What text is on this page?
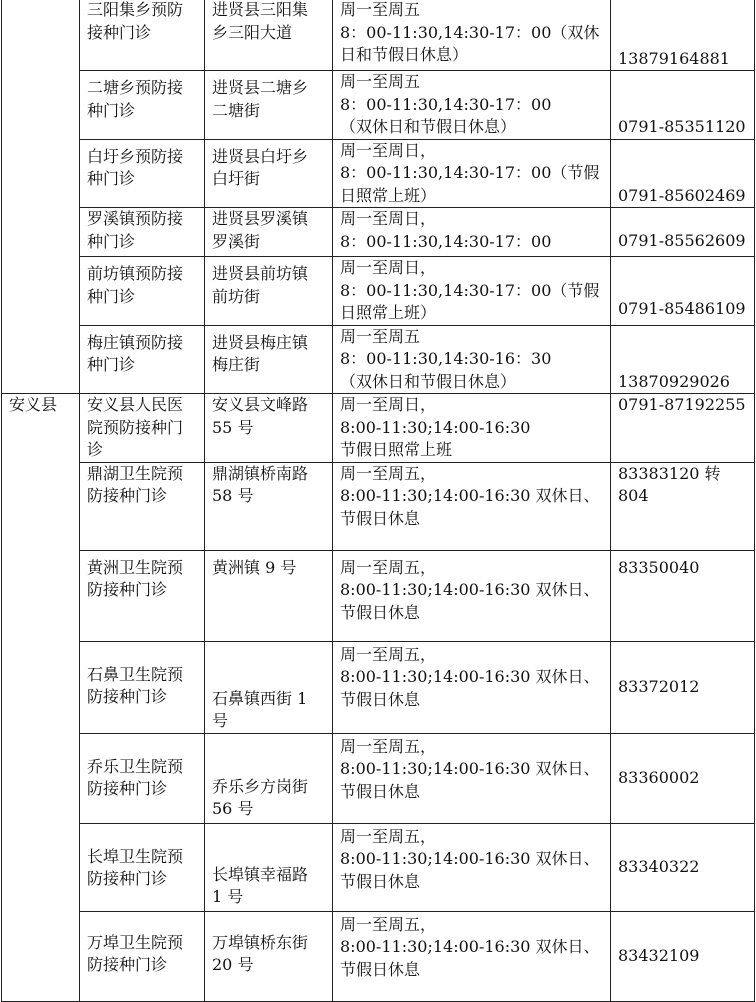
	三阳集乡预防
接种门诊	进贤县三阳集
乡三阳大道	周一至周五
8：00-11:30,14:30-17：00（双休
日和节假日休息）	13879164881
	二塘乡预防接
种门诊	进贤县二塘乡
二塘街	周一至周五
8：00-11:30,14:30-17：00
（双休日和节假日休息）	0791-85351120
	白圩乡预防接
种门诊	进贤县白圩乡
白圩街	周一至周日，
8：00-11:30,14:30-17：00（节假
日照常上班）	0791-85602469
	罗溪镇预防接
种门诊	进贤县罗溪镇
罗溪街	周一至周日，
8：00-11:30,14:30-17：00	0791-85562609
	前坊镇预防接
种门诊	进贤县前坊镇
前坊街	周一至周日，
8：00-11:30,14:30-17：00（节假
日照常上班）	0791-85486109
	梅庄镇预防接
种门诊	进贤县梅庄镇
梅庄街	周一至周五
8：00-11:30,14:30-16：30
（双休日和节假日休息）	13870929026
安义县	安义县人民医
院预防接种门
诊	安义县文峰路
55 号	周一至周日，
8:00-11:30;14:00-16:30
节假日照常上班	0791-87192255
	鼎湖卫生院预
防接种门诊	鼎湖镇桥南路
58 号	周一至周五，
8:00-11:30;14:00-16:30 双休日、
节假日休息	83383120 转 804
	黄洲卫生院预
防接种门诊	黄洲镇 9 号	周一至周五，
8:00-11:30;14:00-16:30 双休日、
节假日休息	83350040
	石鼻卫生院预
防接种门诊	石鼻镇西街 1
号	周一至周五，
8:00-11:30;14:00-16:30 双休日、
节假日休息	83372012
	乔乐卫生院预
防接种门诊	乔乐乡方岗街
56 号	周一至周五，
8:00-11:30;14:00-16:30 双休日、
节假日休息	83360002
	长埠卫生院预
防接种门诊	长埠镇幸福路
1 号	周一至周五，
8:00-11:30;14:00-16:30 双休日、
节假日休息	83340322
	万埠卫生院预
防接种门诊	万埠镇桥东街
20 号	周一至周五，
8:00-11:30;14:00-16:30 双休日、
节假日休息	83432109
